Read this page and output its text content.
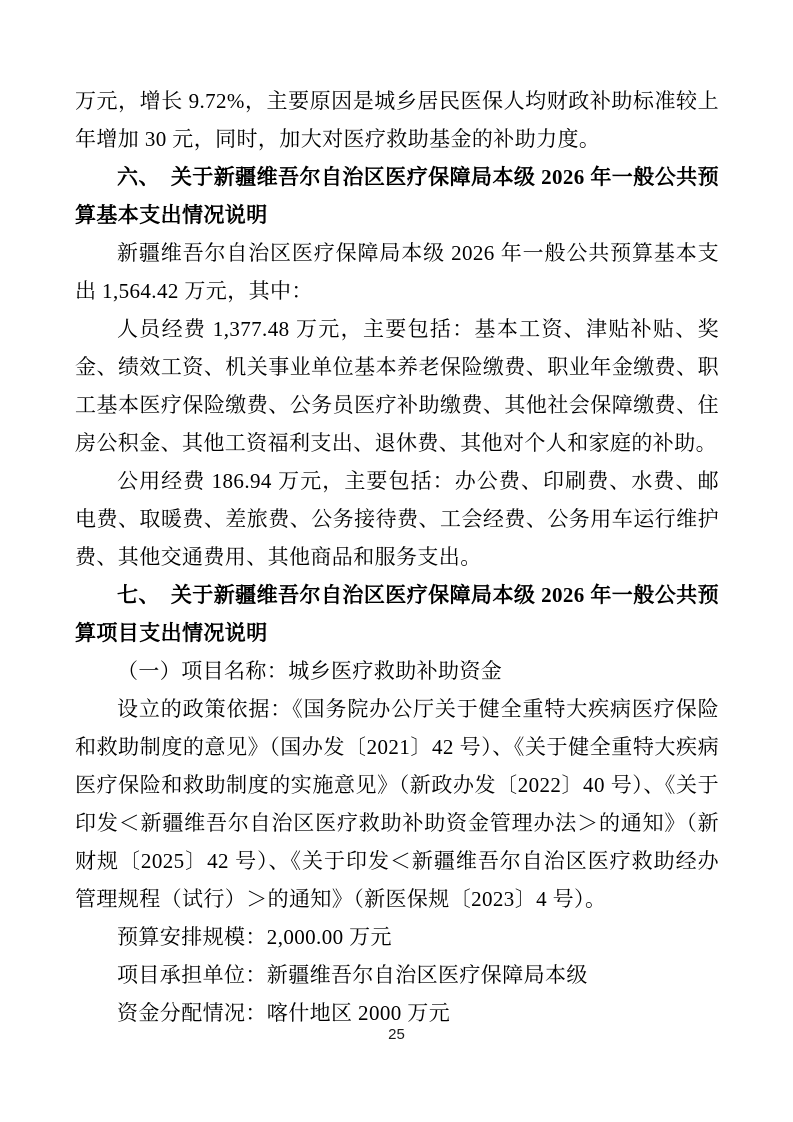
万元，增长 9.72%，主要原因是城乡居民医保人均财政补助标准较上年增加 30 元，同时，加大对医疗救助基金的补助力度。

六、　关于新疆维吾尔自治区医疗保障局本级 2026 年一般公共预算基本支出情况说明

新疆维吾尔自治区医疗保障局本级 2026 年一般公共预算基本支出 1,564.42 万元，其中：

人员经费 1,377.48 万元，主要包括：基本工资、津贴补贴、奖金、绩效工资、机关事业单位基本养老保险缴费、职业年金缴费、职工基本医疗保险缴费、公务员医疗补助缴费、其他社会保障缴费、住房公积金、其他工资福利支出、退休费、其他对个人和家庭的补助。

公用经费 186.94 万元，主要包括：办公费、印刷费、水费、邮电费、取暖费、差旅费、公务接待费、工会经费、公务用车运行维护费、其他交通费用、其他商品和服务支出。

七、　关于新疆维吾尔自治区医疗保障局本级 2026 年一般公共预算项目支出情况说明

（一）项目名称：城乡医疗救助补助资金

设立的政策依据：《国务院办公厅关于健全重特大疾病医疗保险和救助制度的意见》（国办发〔2021〕42 号）、《关于健全重特大疾病医疗保险和救助制度的实施意见》（新政办发〔2022〕40 号）、《关于印发＜新疆维吾尔自治区医疗救助补助资金管理办法＞的通知》（新财规〔2025〕42 号）、《关于印发＜新疆维吾尔自治区医疗救助经办管理规程（试行）＞的通知》（新医保规〔2023〕4 号）。

预算安排规模：2,000.00 万元

项目承担单位：新疆维吾尔自治区医疗保障局本级

资金分配情况：喀什地区 2000 万元

25
